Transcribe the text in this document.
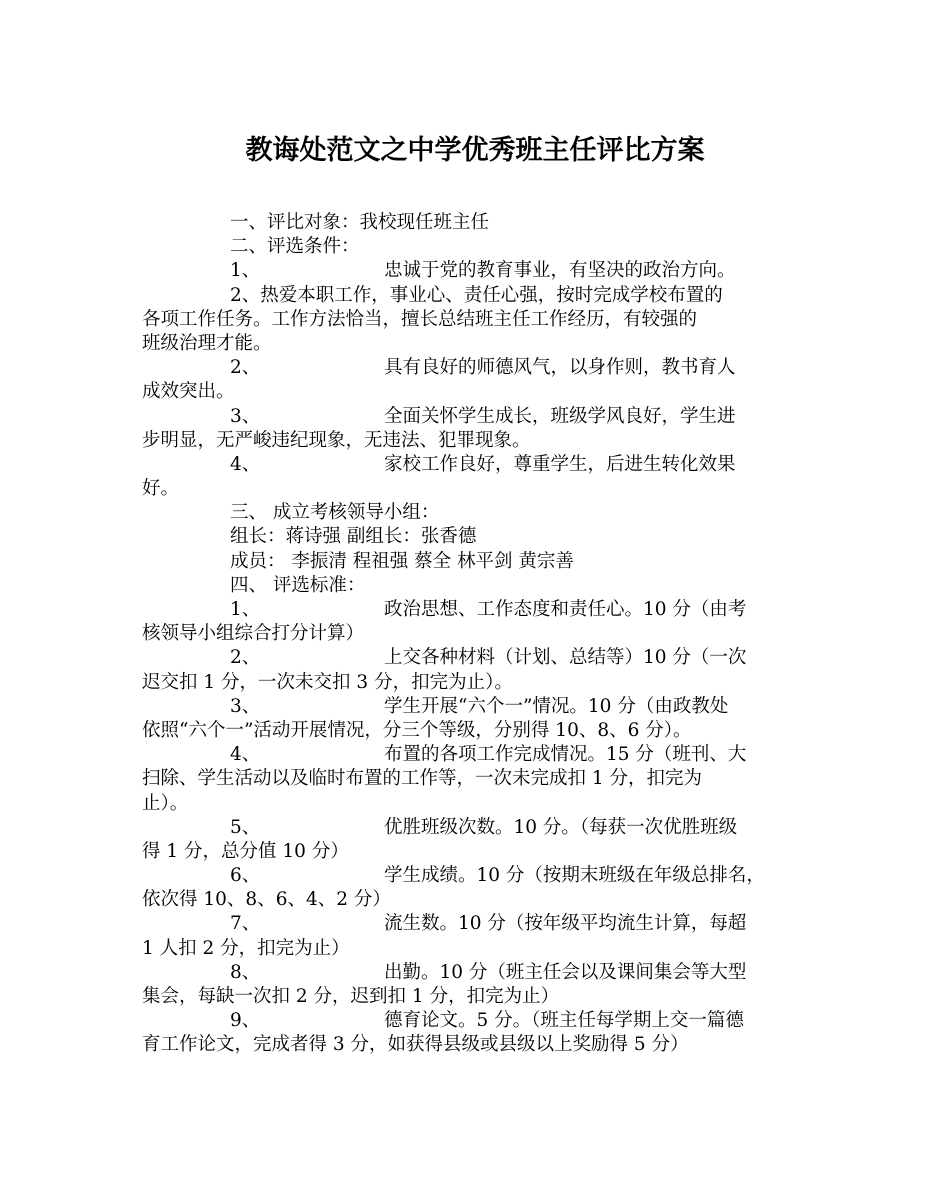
教诲处范文之中学优秀班主任评比方案
一、评比对象：我校现任班主任
二、评选条件：
1、	忠诚于党的教育事业，有坚决的政治方向。
2、热爱本职工作，事业心、责任心强，按时完成学校布置的
各项工作任务。工作方法恰当，擅长总结班主任工作经历，有较强的
班级治理才能。
2、	具有良好的师德风气，以身作则，教书育人
成效突出。
3、	全面关怀学生成长，班级学风良好，学生进
步明显，无严峻违纪现象，无违法、犯罪现象。
4、	家校工作良好，尊重学生，后进生转化效果
好。
三、 成立考核领导小组：
组长：蒋诗强 副组长：张香德
成员： 李振清 程祖强 蔡全 林平剑 黄宗善
四、 评选标准：
1、	政治思想、工作态度和责任心。10 分（由考
核领导小组综合打分计算）
2、	上交各种材料（计划、总结等）10 分（一次
迟交扣 1 分，一次未交扣 3 分，扣完为止）。
3、	学生开展“六个一”情况。10 分（由政教处
依照“六个一”活动开展情况，分三个等级，分别得 10、8、6 分）。
4、	布置的各项工作完成情况。15 分（班刊、大
扫除、学生活动以及临时布置的工作等，一次未完成扣 1 分，扣完为
止）。
5、	优胜班级次数。10 分。（每获一次优胜班级
得 1 分，总分值 10 分）
6、	学生成绩。10 分（按期末班级在年级总排名，
依次得 10、8、6、4、2 分）
7、	流生数。10 分（按年级平均流生计算，每超
1 人扣 2 分，扣完为止）
8、	出勤。10 分（班主任会以及课间集会等大型
集会，每缺一次扣 2 分，迟到扣 1 分，扣完为止）
9、	德育论文。5 分。（班主任每学期上交一篇德
育工作论文，完成者得 3 分，如获得县级或县级以上奖励得 5 分）
